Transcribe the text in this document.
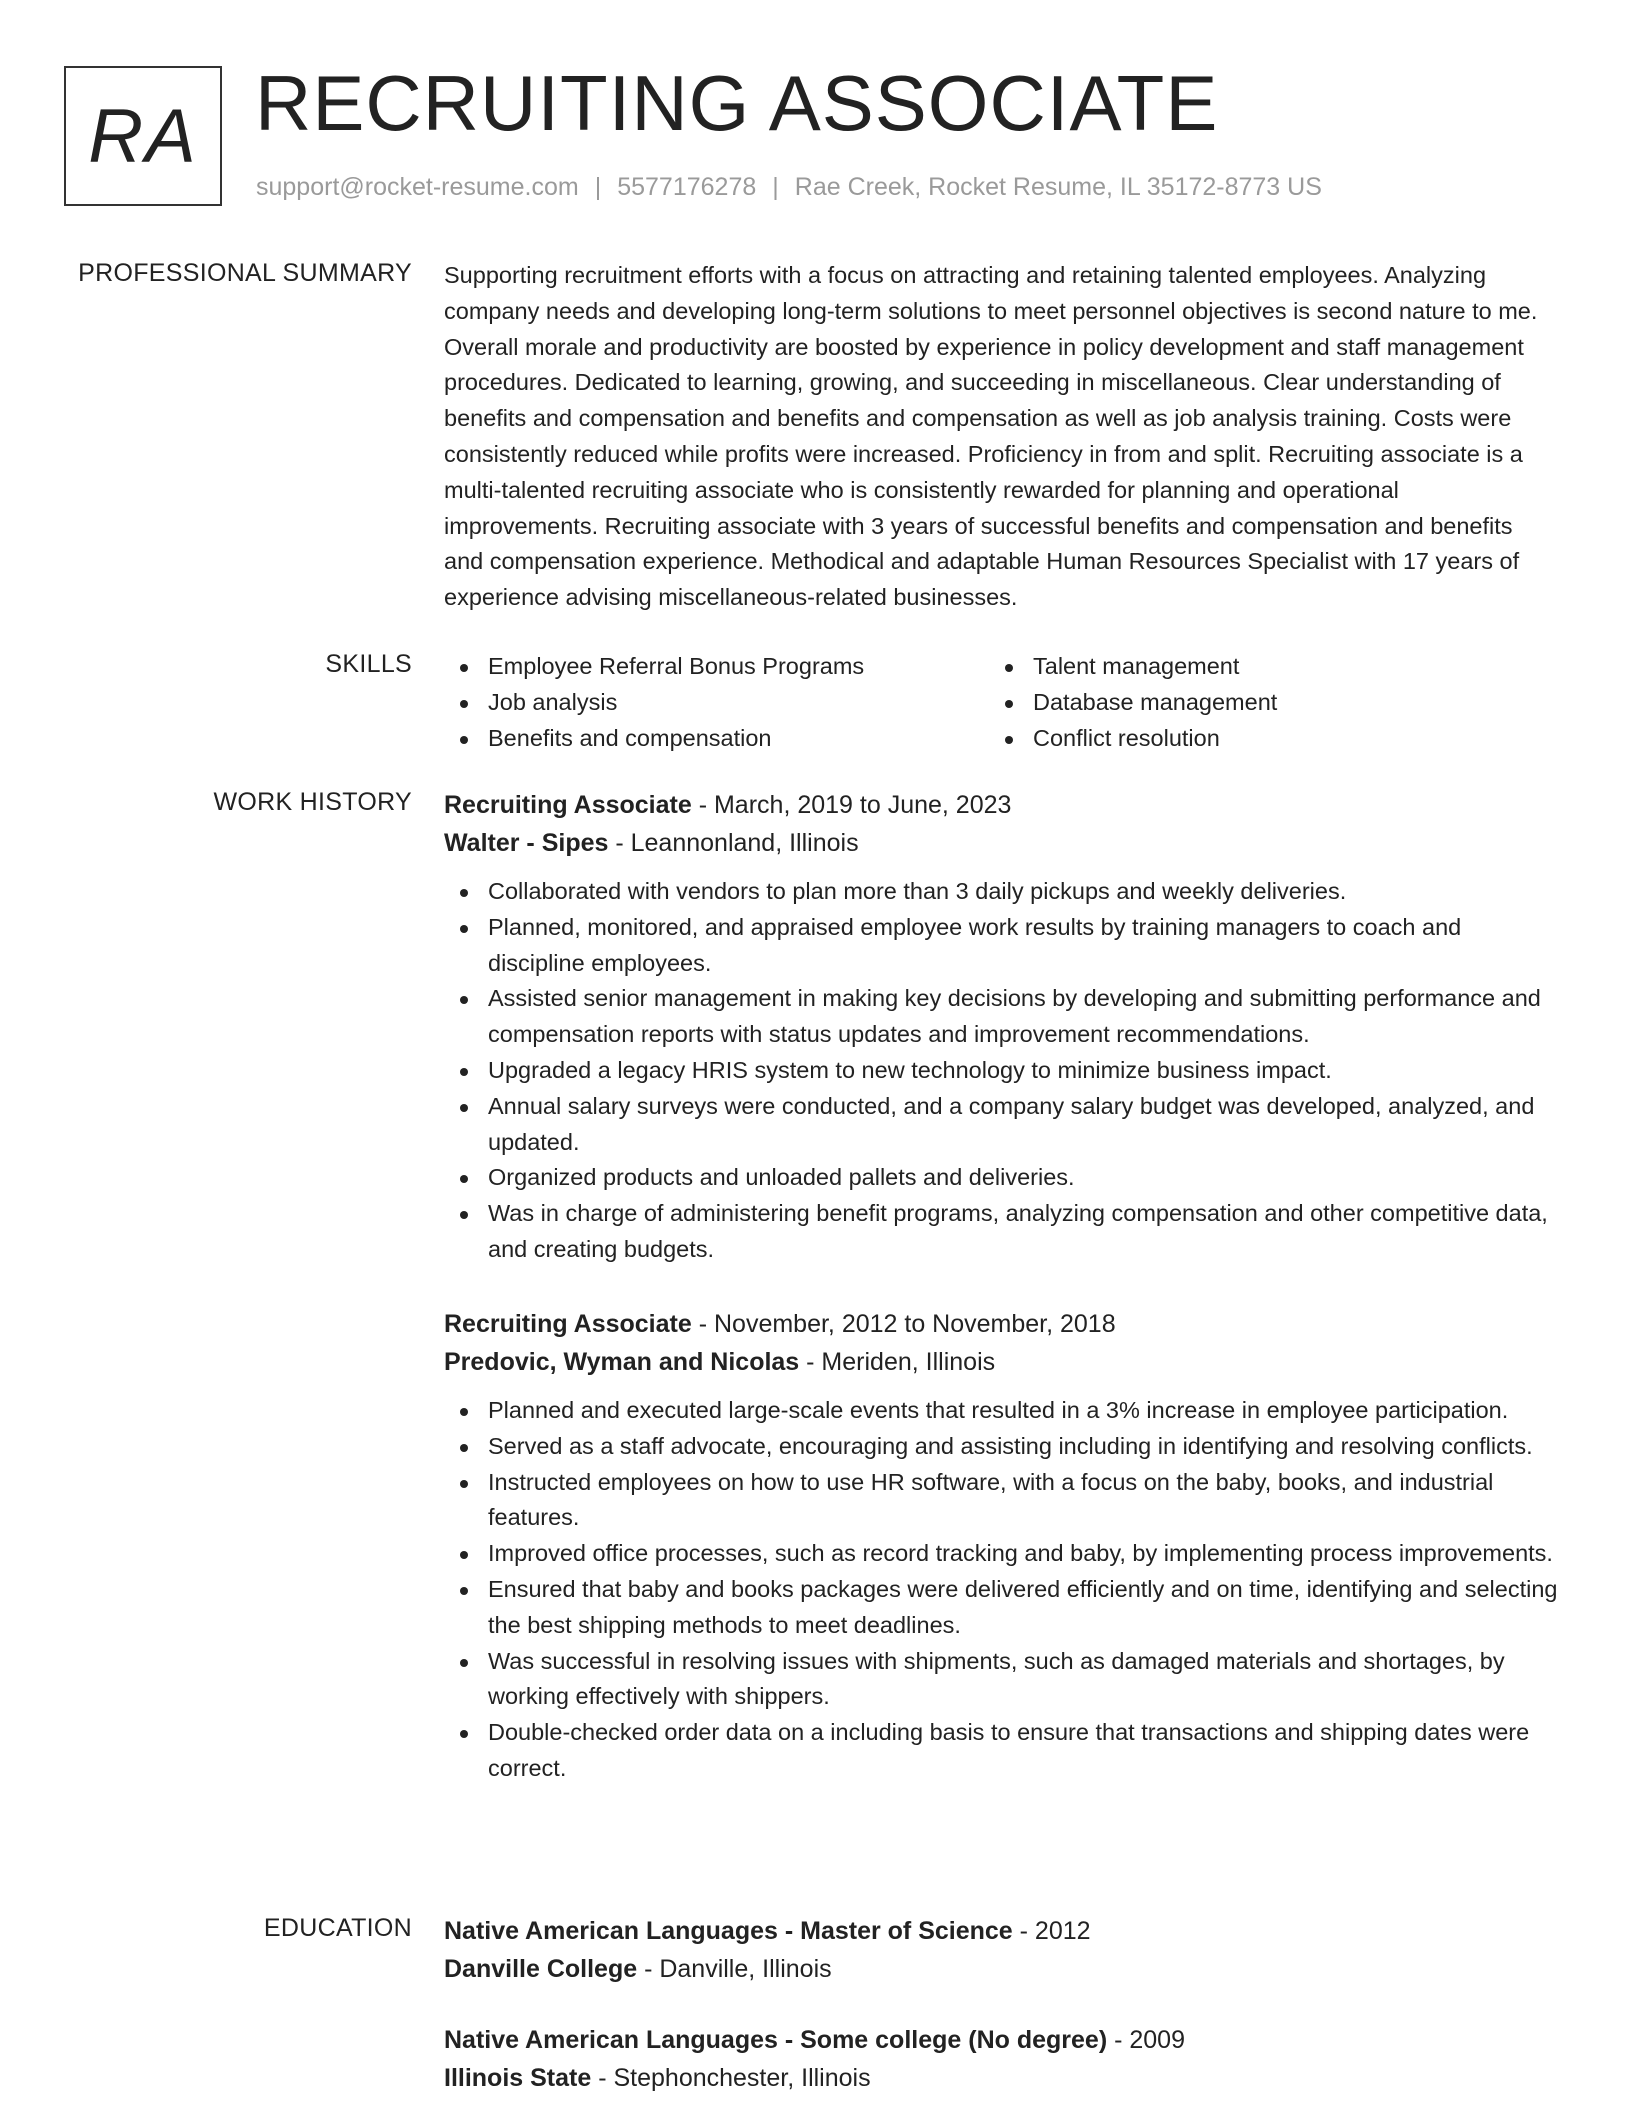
RA RECRUITING ASSOCIATE
support@rocket-resume.com | 5577176278 | Rae Creek, Rocket Resume, IL 35172-8773 US
PROFESSIONAL SUMMARY Supporting recruitment efforts with a focus on attracting and retaining talented employees. Analyzing company needs and developing long-term solutions to meet personnel objectives is second nature to me. Overall morale and productivity are boosted by experience in policy development and staff management procedures. Dedicated to learning, growing, and succeeding in miscellaneous. Clear understanding of benefits and compensation and benefits and compensation as well as job analysis training. Costs were consistently reduced while profits were increased. Proficiency in from and split. Recruiting associate is a multi-talented recruiting associate who is consistently rewarded for planning and operational improvements. Recruiting associate with 3 years of successful benefits and compensation and benefits and compensation experience. Methodical and adaptable Human Resources Specialist with 17 years of experience advising miscellaneous-related businesses.

SKILLS	Employee Referral Bonus Programs
Job analysis
Benefits and compensation
Talent management
Database management
Conflict resolution
WORK HISTORY Recruiting Associate - March, 2019 to June, 2023
Walter - Sipes - Leannonland, Illinois
Collaborated with vendors to plan more than 3 daily pickups and weekly deliveries.
Planned, monitored, and appraised employee work results by training managers to coach and discipline employees.
Assisted senior management in making key decisions by developing and submitting performance and compensation reports with status updates and improvement recommendations.
Upgraded a legacy HRIS system to new technology to minimize business impact.
Annual salary surveys were conducted, and a company salary budget was developed, analyzed, and updated.
Organized products and unloaded pallets and deliveries.
Was in charge of administering benefit programs, analyzing compensation and other competitive data, and creating budgets.
Recruiting Associate - November, 2012 to November, 2018
Predovic, Wyman and Nicolas - Meriden, Illinois
Planned and executed large-scale events that resulted in a 3% increase in employee participation.
Served as a staff advocate, encouraging and assisting including in identifying and resolving conflicts.
Instructed employees on how to use HR software, with a focus on the baby, books, and industrial features.
Improved office processes, such as record tracking and baby, by implementing process improvements.
Ensured that baby and books packages were delivered efficiently and on time, identifying and selecting the best shipping methods to meet deadlines.
Was successful in resolving issues with shipments, such as damaged materials and shortages, by working effectively with shippers.
Double-checked order data on a including basis to ensure that transactions and shipping dates were correct.
EDUCATION Native American Languages - Master of Science - 2012
Danville College - Danville, Illinois
Native American Languages - Some college (No degree) - 2009
Illinois State - Stephonchester, Illinois
